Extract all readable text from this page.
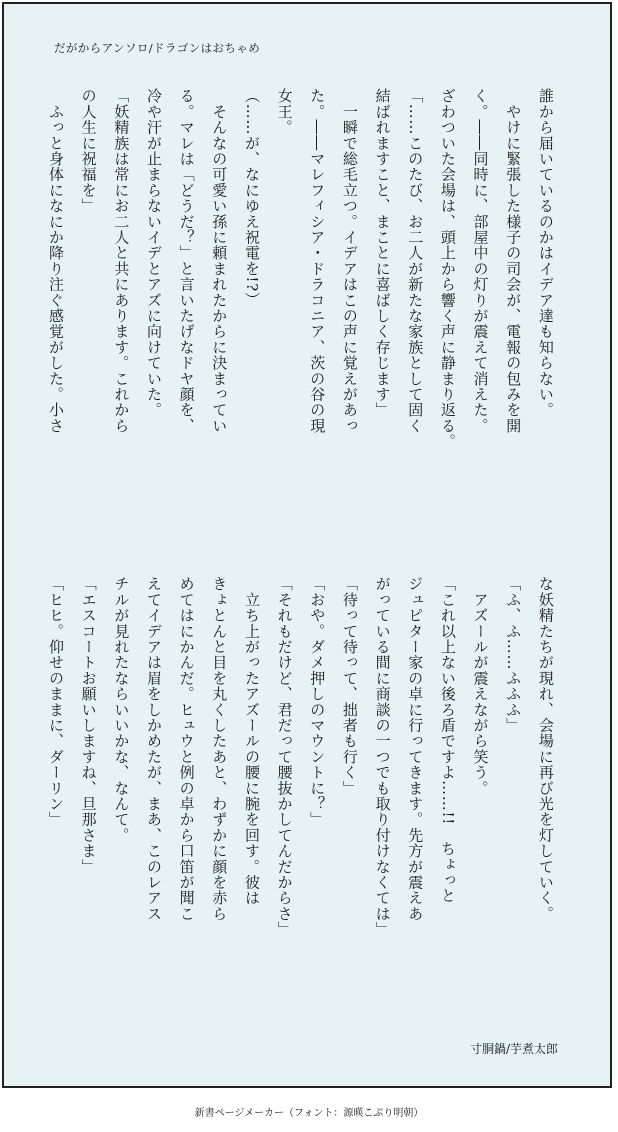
だがからアンソロ/ドラゴンはおちゃめ
誰から届いているのかはイデア達も知らない。
　やけに緊張した様子の司会が、電報の包みを開
く。――同時に、部屋中の灯りが震えて消えた。
ざわついた会場は、頭上から響く声に静まり返る。
「……このたび、お二人が新たな家族として固く
結ばれますこと、まことに喜ばしく存じます」
　一瞬で総毛立つ。イデアはこの声に覚えがあっ
た。――マレフィシア・ドラコニア、茨の谷の現
女王。
（……が、なにゆえ祝電を!?）
　そんなの可愛い孫に頼まれたからに決まってい
る。マレは「どうだ？」と言いたげなドヤ顔を、
冷や汗が止まらないイデとアズに向けていた。
「妖精族は常にお二人と共にあります。これから
の人生に祝福を」
　ふっと身体になにか降り注ぐ感覚がした。小さ
な妖精たちが現れ、会場に再び光を灯していく。
「ふ、ふ……ふふふ」
　アズールが震えながら笑う。
「これ以上ない後ろ盾ですよ……!!　ちょっと
ジュピター家の卓に行ってきます。先方が震えあ
がっている間に商談の一つでも取り付けなくては」
「待って待って、拙者も行く」
「おや。ダメ押しのマウントに？」
「それもだけど、君だって腰抜かしてんだからさ」
　立ち上がったアズールの腰に腕を回す。彼は
きょとんと目を丸くしたあと、わずかに顔を赤ら
めてはにかんだ。ヒュウと例の卓から口笛が聞こ
えてイデアは眉をしかめたが、まあ、このレアス
チルが見れたならいいかな、なんて。
「エスコートお願いしますね、旦那さま」
「ヒヒ。仰せのままに、ダーリン」
寸胴鍋/芋煮太郎
新書ページメーカー（フォント：源暎こぶり明朝）
